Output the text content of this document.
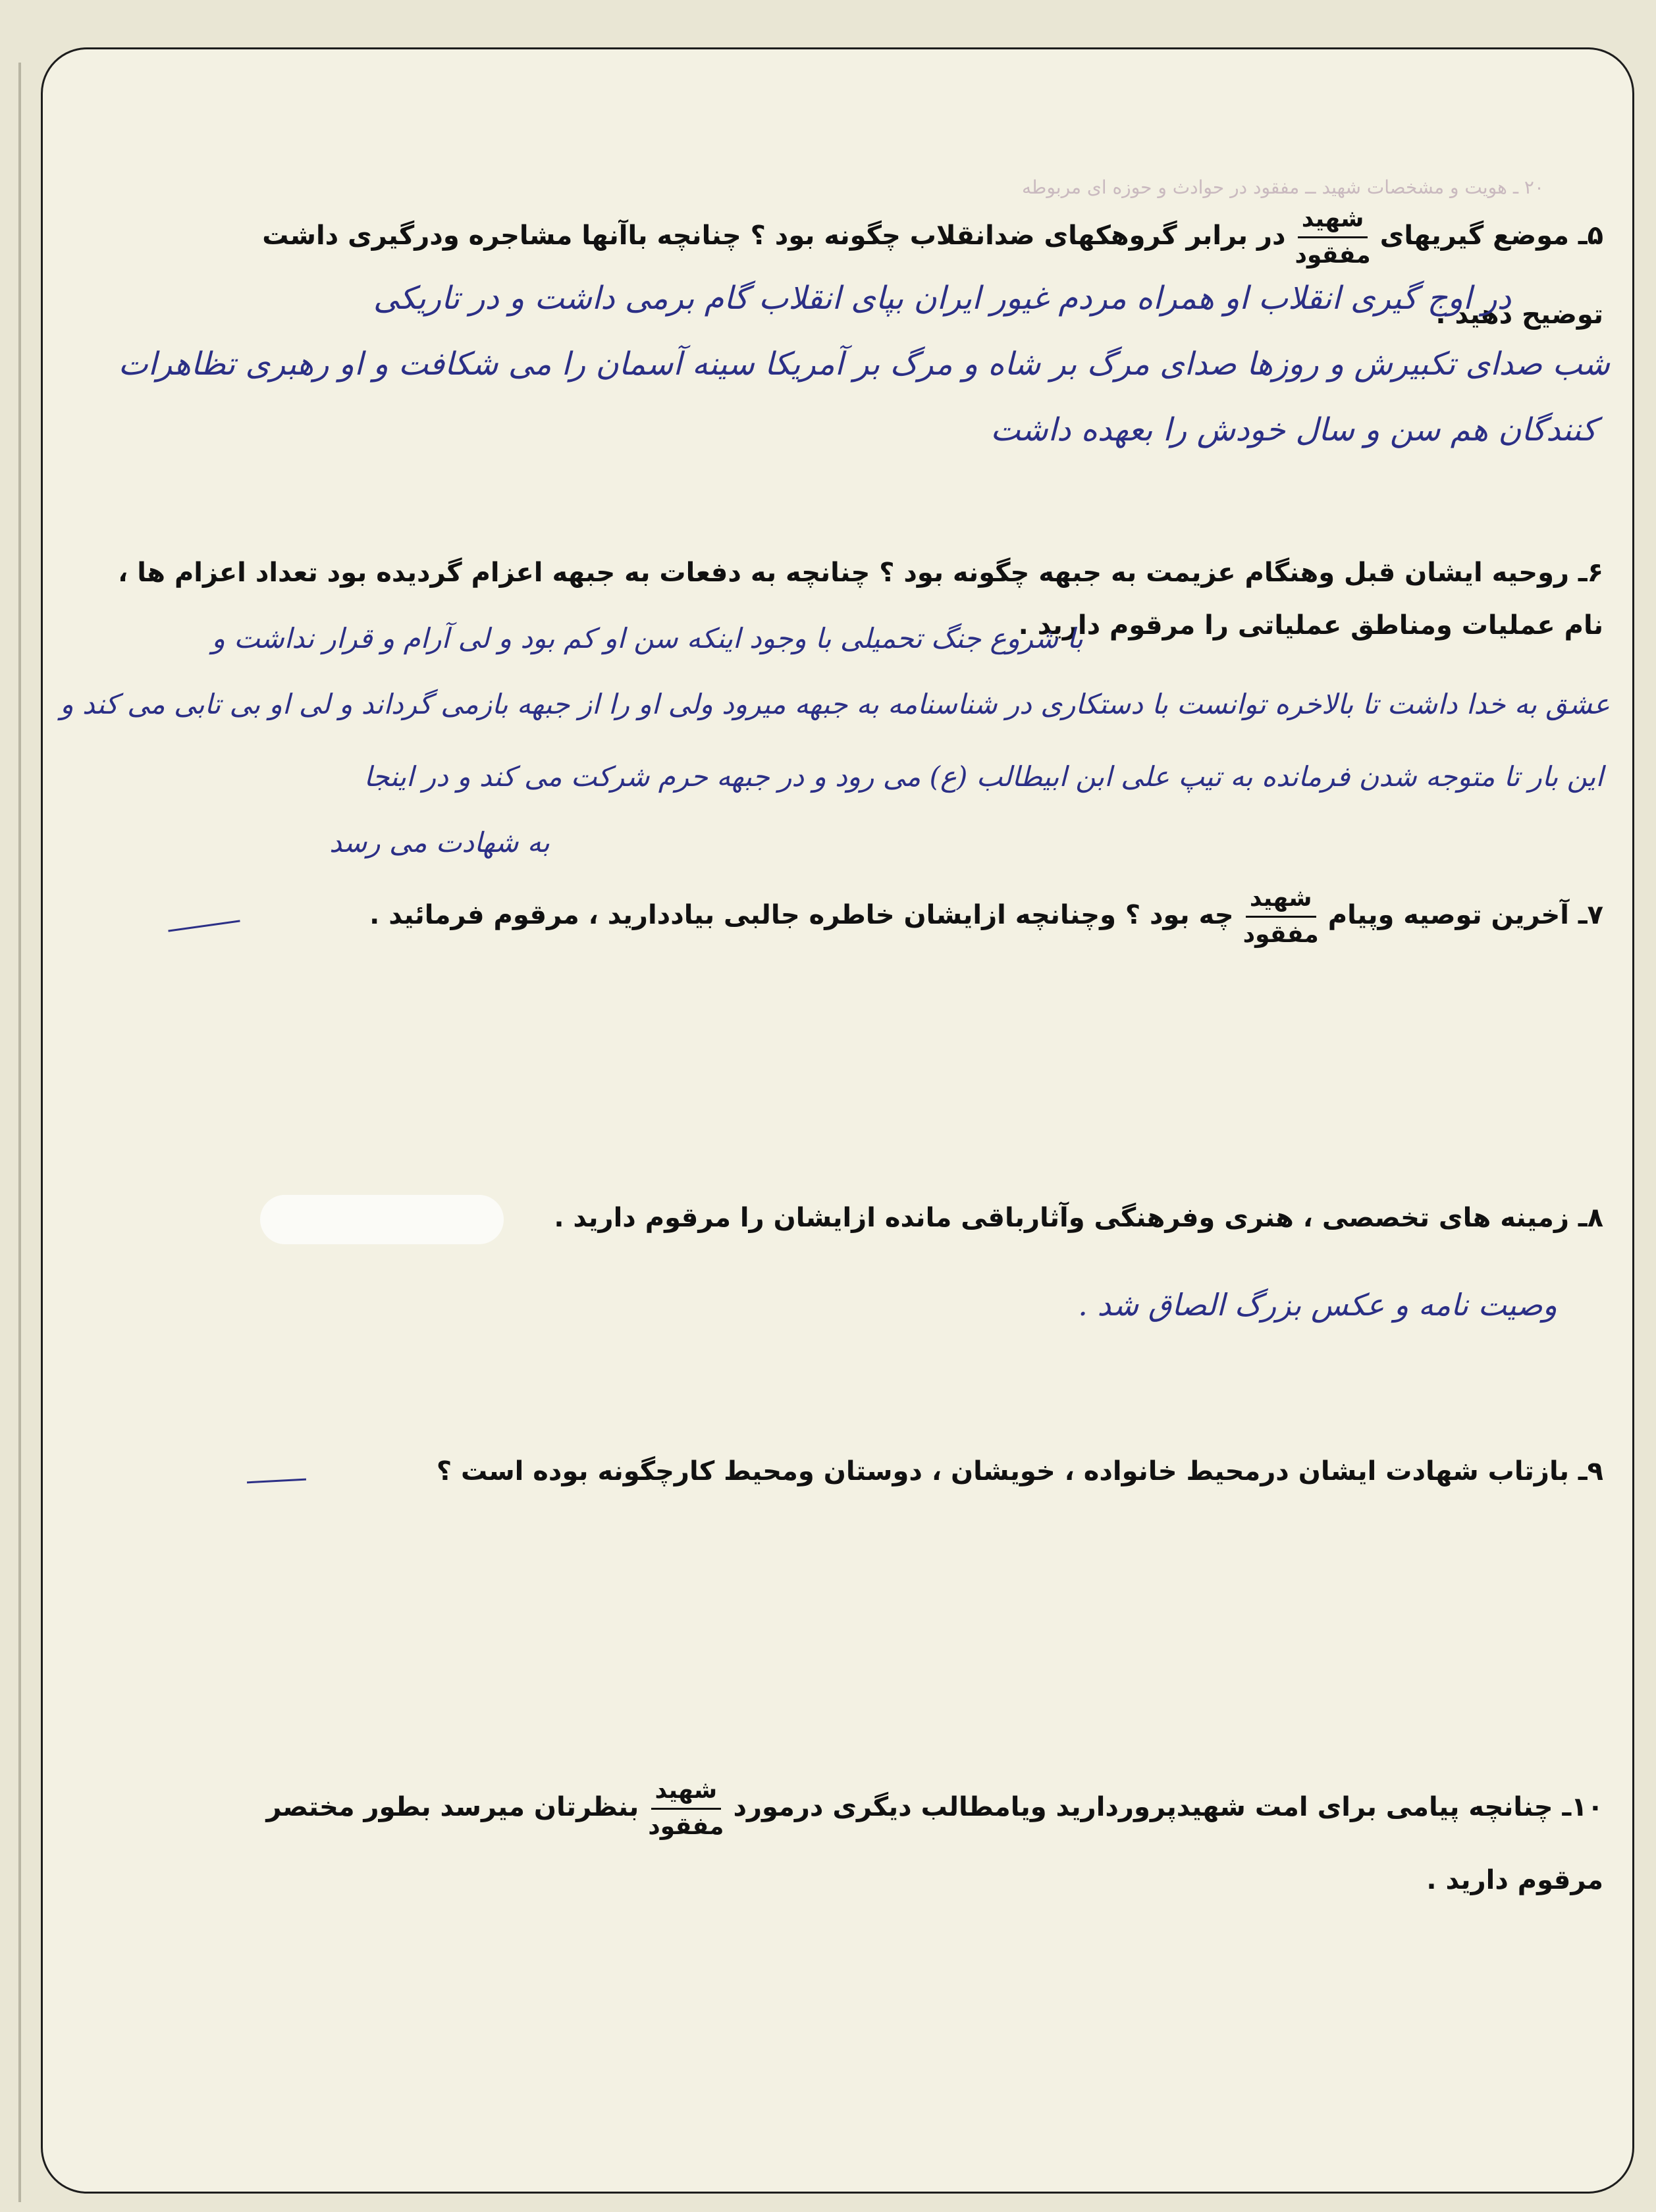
۲۰ ـ هویت و مشخصات شهید ــ مفقود در حوادث و حوزه ای مربوطه
۵ـ موضع گیریهای
$\frac{\text{شهید}}{\text{مفقود}}$
در برابر گروهکهای ضدانقلاب چگونه بود ؟ چنانچه باآنها مشاجره ودرگیری داشت
توضیح دهید .
در اوج گیری انقلاب او همراه مردم غیور ایران بپای انقلاب گام برمی داشت و در تاریکی
شب صدای تکبیرش و روزها صدای مرگ بر شاه و مرگ بر آمریکا سینه آسمان را می شکافت و او رهبری تظاهرات
کنندگان هم سن و سال خودش را بعهده داشت
۶ـ روحیه ایشان قبل وهنگام عزیمت به جبهه چگونه بود ؟ چنانچه به دفعات به جبهه اعزام گردیده بود تعداد اعزام ها ،
نام عملیات ومناطق عملیاتی را مرقوم دارید .
با شروع جنگ تحمیلی با وجود اینکه سن او کم بود و لی آرام و قرار نداشت و
عشق به خدا داشت تا بالاخره توانست با دستکاری در شناسنامه به جبهه میرود ولی او را از جبهه بازمی گرداند و لی او بی تابی می کند و
این بار تا متوجه شدن فرمانده به تیپ علی ابن ابیطالب (ع) می رود و در جبهه حرم شرکت می کند و در اینجا
به شهادت می رسد
۷ـ آخرین توصیه وپیام
$\frac{\text{شهید}}{\text{مفقود}}$
چه بود ؟ وچنانچه ازایشان خاطره جالبی بیاددارید ، مرقوم فرمائید .
۸ـ زمینه های تخصصی ، هنری وفرهنگی وآثارباقی مانده ازایشان را مرقوم دارید .
وصیت نامه و عکس بزرگ الصاق شد .
۹ـ بازتاب شهادت ایشان درمحیط خانواده ، خویشان ، دوستان ومحیط کارچگونه بوده است ؟
۱۰ـ چنانچه پیامی برای امت شهیدپروردارید ویامطالب دیگری درمورد
$\frac{\text{شهید}}{\text{مفقود}}$
بنظرتان میرسد بطور مختصر
مرقوم دارید .
